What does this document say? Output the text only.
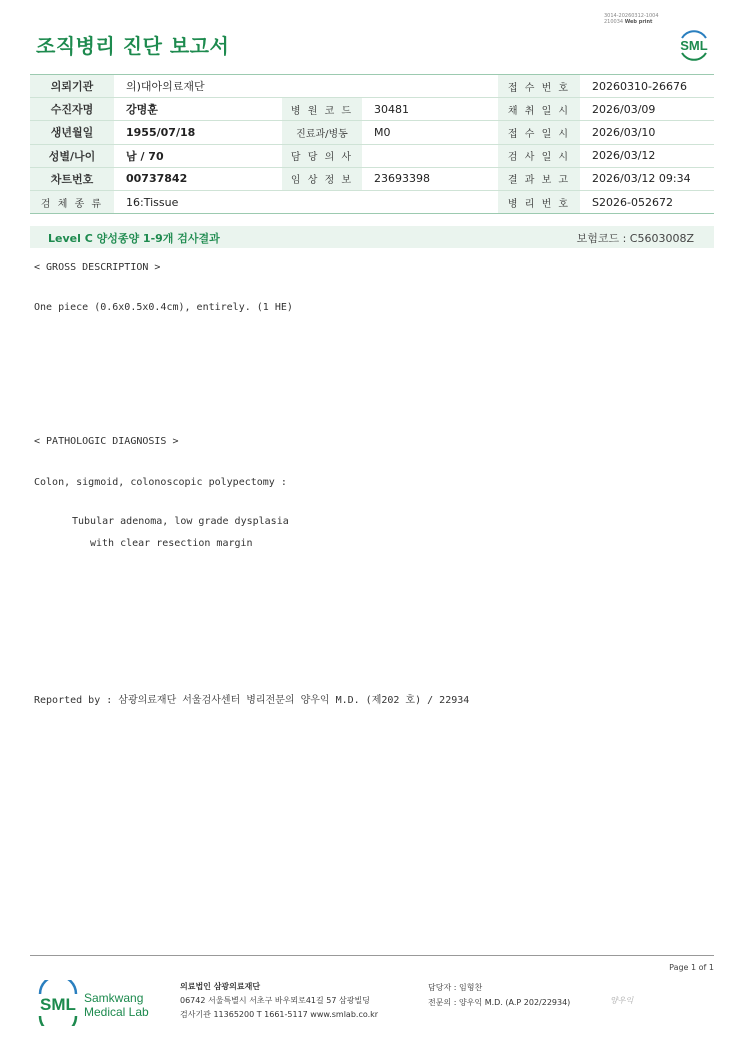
조직병리 진단 보고서
3014-20260312-1004
210034 Web print
SML
의뢰기관	의)대아의료재단			접 수 번 호	20260310-26676
수진자명	강명훈	병 원 코 드	30481	채 취 일 시	2026/03/09
생년월일	1955/07/18	진료과/병동	M0	접 수 일 시	2026/03/10
성별/나이	남 / 70	담 당 의 사		검 사 일 시	2026/03/12
차트번호	00737842	임 상 정 보	23693398	결 과 보 고	2026/03/12 09:34
검 체 종 류	16:Tissue			병 리 번 호	S2026-052672
Level C 양성종양 1-9개 검사결과	보험코드 : C5603008Z
< GROSS DESCRIPTION >
One piece (0.6x0.5x0.4cm), entirely. (1 HE)
< PATHOLOGIC DIAGNOSIS >
Colon, sigmoid, colonoscopic polypectomy :
Tubular adenoma, low grade dysplasia
with clear resection margin
Reported by : 삼광의료재단 서울검사센터 병리전문의 양우익 M.D. (제202 호) / 22934
Page 1 of 1
SML Samkwang
Medical Lab
의료법인 삼광의료재단
06742 서울특별시 서초구 바우뫼로41길 57 삼광빌딩
검사기관 11365200 T 1661-5117 www.smlab.co.kr
담당자 : 임형찬
전문의 : 양우익 M.D. (A.P 202/22934)	양우익
